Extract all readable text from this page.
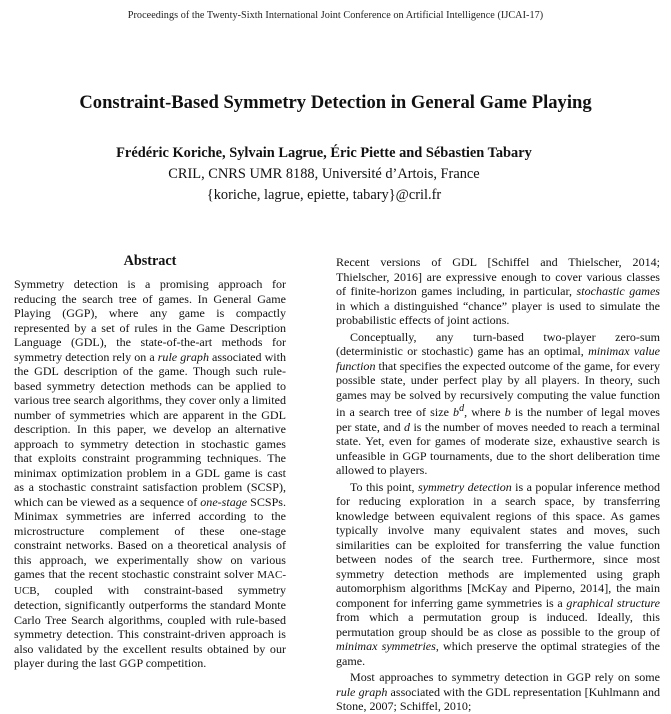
Proceedings of the Twenty-Sixth International Joint Conference on Artificial Intelligence (IJCAI-17)
Constraint-Based Symmetry Detection in General Game Playing
Frédéric Koriche, Sylvain Lagrue, Éric Piette and Sébastien Tabary
CRIL, CNRS UMR 8188, Université d’Artois, France
{koriche, lagrue, epiette, tabary}@cril.fr
Abstract

Symmetry detection is a promising approach for reducing the search tree of games. In General Game Playing (GGP), where any game is compactly represented by a set of rules in the Game Description Language (GDL), the state-of-the-art methods for symmetry detection rely on a rule graph associated with the GDL description of the game. Though such rule-based symmetry detection methods can be applied to various tree search algorithms, they cover only a limited number of symmetries which are apparent in the GDL description. In this paper, we develop an alternative approach to symmetry detection in stochastic games that exploits constraint programming techniques. The minimax optimization problem in a GDL game is cast as a stochastic constraint satisfaction problem (SCSP), which can be viewed as a sequence of one-stage SCSPs. Minimax symmetries are inferred according to the microstructure complement of these one-stage constraint networks. Based on a theoretical analysis of this approach, we experimentally show on various games that the recent stochastic constraint solver MAC-UCB, coupled with constraint-based symmetry detection, significantly outperforms the standard Monte Carlo Tree Search algorithms, coupled with rule-based symmetry detection. This constraint-driven approach is also validated by the excellent results obtained by our player during the last GGP competition.

Recent versions of GDL [Schiffel and Thielscher, 2014; Thielscher, 2016] are expressive enough to cover various classes of finite-horizon games including, in particular, stochastic games in which a distinguished “chance” player is used to simulate the probabilistic effects of joint actions.

Conceptually, any turn-based two-player zero-sum (deterministic or stochastic) game has an optimal, minimax value function that specifies the expected outcome of the game, for every possible state, under perfect play by all players. In theory, such games may be solved by recursively computing the value function in a search tree of size $b^d$, where b is the number of legal moves per state, and d is the number of moves needed to reach a terminal state. Yet, even for games of moderate size, exhaustive search is unfeasible in GGP tournaments, due to the short deliberation time allowed to players.

To this point, symmetry detection is a popular inference method for reducing exploration in a search space, by transferring knowledge between equivalent regions of this space. As games typically involve many equivalent states and moves, such similarities can be exploited for transferring the value function between nodes of the search tree. Furthermore, since most symmetry detection methods are implemented using graph automorphism algorithms [McKay and Piperno, 2014], the main component for inferring game symmetries is a graphical structure from which a permutation group is induced. Ideally, this permutation group should be as close as possible to the group of minimax symmetries, which preserve the optimal strategies of the game.

Most approaches to symmetry detection in GGP rely on some rule graph associated with the GDL representation [Kuhlmann and Stone, 2007; Schiffel, 2010;
